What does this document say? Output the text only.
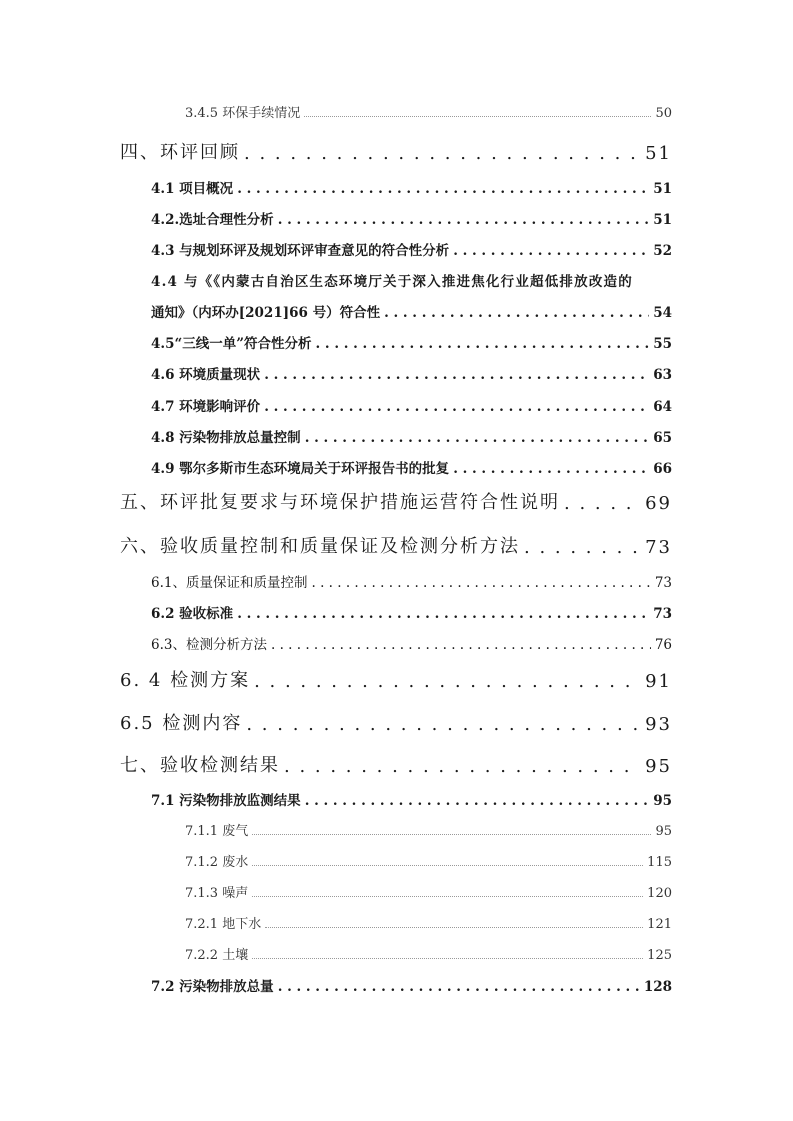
3.4.5 环保手续情况	50
四、环评回顾 . . .	51
4.1 项目概况 . . .	51
4.2.选址合理性分析 . . .	51
4.3 与规划环评及规划环评审查意见的符合性分析 . . .	52
4.4 与《《内蒙古自治区生态环境厅关于深入推进焦化行业超低排放改造的
通知》（内环办[2021]66 号）符合性 . . .	54
4.5“三线一单”符合性分析 . . .	55
4.6 环境质量现状 . . .	63
4.7 环境影响评价 . . .	64
4.8 污染物排放总量控制 . . .	65
4.9 鄂尔多斯市生态环境局关于环评报告书的批复 . . .	66
五、环评批复要求与环境保护措施运营符合性说明 . . .	69
六、验收质量控制和质量保证及检测分析方法 . . .	73
6.1、质量保证和质量控制 . . .	73
6.2 验收标准 . . .	73
6.3、检测分析方法 . . .	76
6. 4 检测方案 . . .	91
6.5 检测内容 . . .	93
七、验收检测结果 . . .	95
7.1 污染物排放监测结果 . . .	95
7.1.1 废气	95
7.1.2 废水	115
7.1.3 噪声	120
7.2.1 地下水	121
7.2.2 土壤	125
7.2 污染物排放总量 . . .	128
